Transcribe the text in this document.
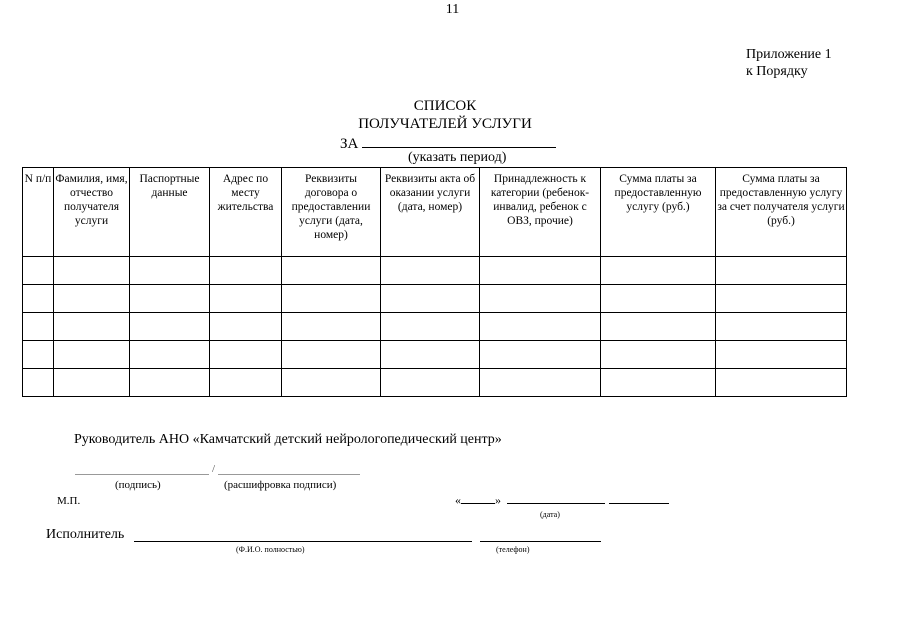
11
Приложение 1
к Порядку
СПИСОК
ПОЛУЧАТЕЛЕЙ УСЛУГИ
ЗА
(указать период)
N п/п	Фамилия, имя, отчество получателя услуги	Паспортные данные	Адрес по месту жительства	Реквизиты договора о предоставлении услуги (дата, номер)	Реквизиты акта об оказании услуги (дата, номер)	Принадлежность к категории (ребенок-инвалид, ребенок с ОВЗ, прочие)	Сумма платы за предоставленную услугу (руб.)	Сумма платы за предоставленную услугу за счет получателя услуги (руб.)

Руководитель АНО «Камчатский детский нейрологопедический центр»
/
(подпись)	(расшифровка подписи)
М.П.	«	»
(дата)
Исполнитель
(Ф.И.О. полностью)	(телефон)
